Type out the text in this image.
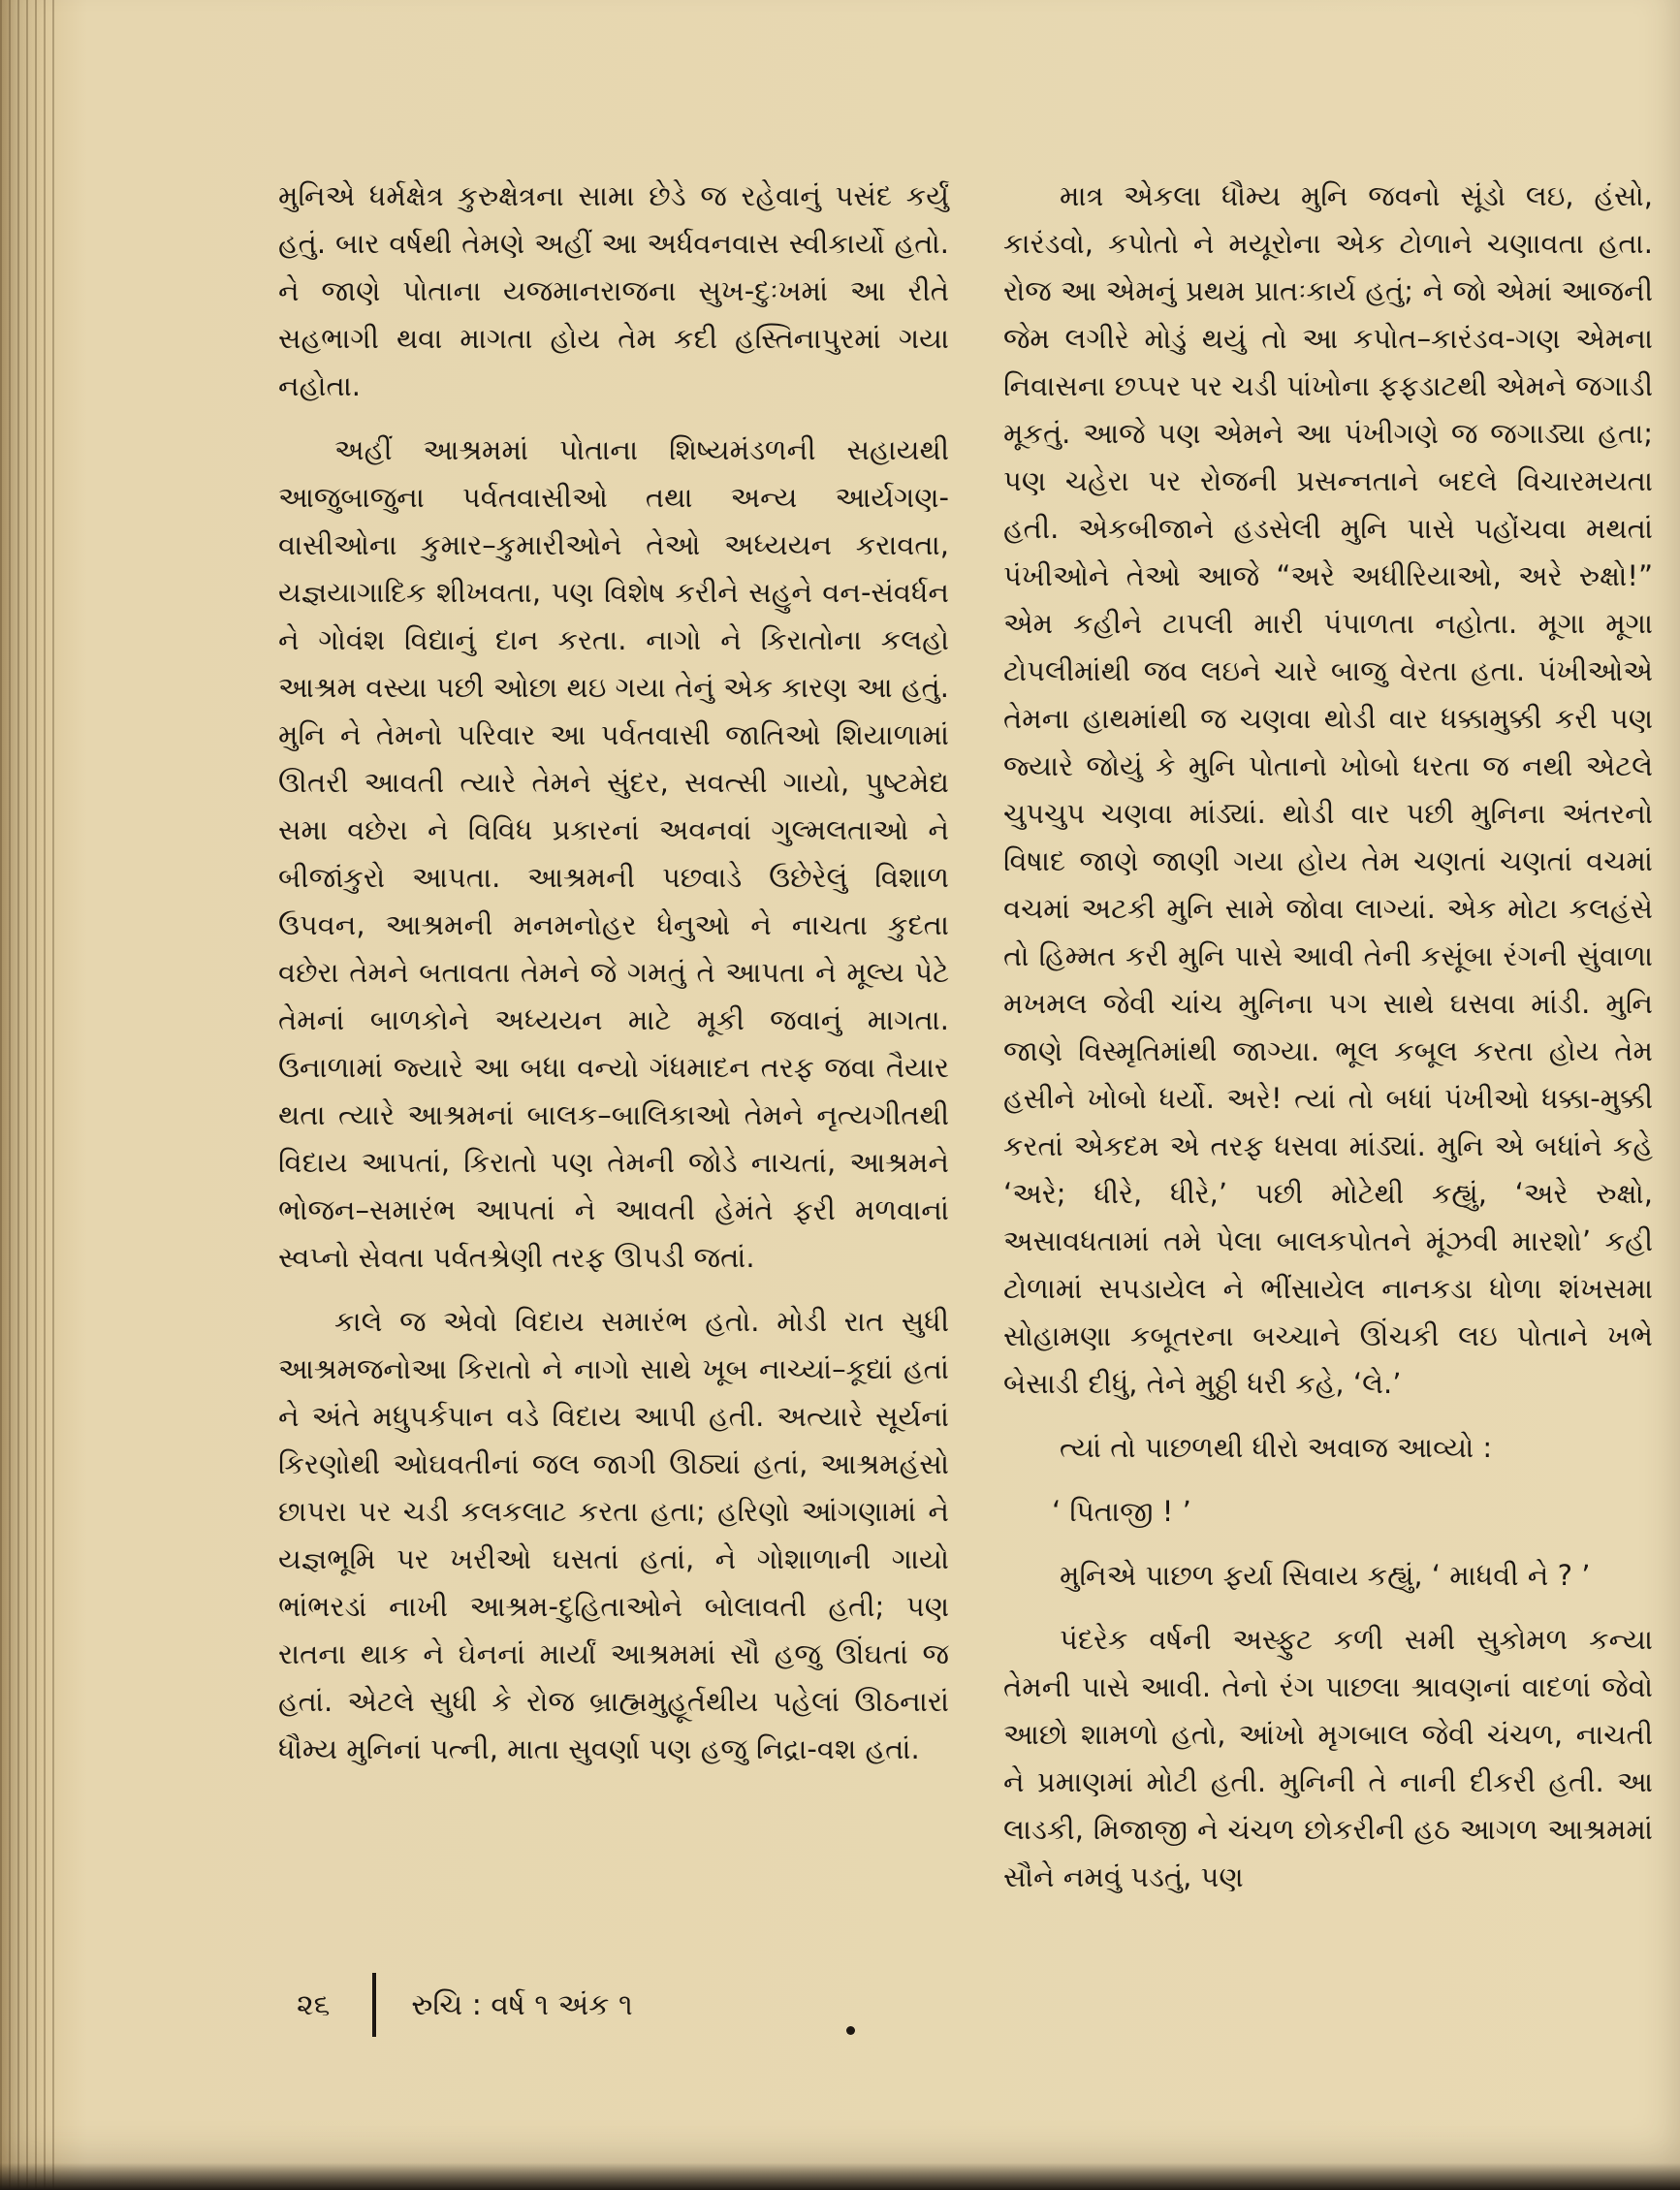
મુનિએ ધર્મક્ષેત્ર કુરુક્ષેત્રના સામા છેડે જ રહેવાનું પસંદ કર્યું હતું. બાર વર્ષથી તેમણે અહીં આ અર્ધવનવાસ સ્વીકાર્યો હતો. ને જાણે પોતાના યજમાનરાજના સુખ-દુઃખમાં આ રીતે સહભાગી થવા માગતા હોય તેમ કદી હસ્તિનાપુરમાં ગયા નહોતા.

અહીં આશ્રમમાં પોતાના શિષ્યમંડળની સહાયથી આજુબાજુના પર્વતવાસીઓ તથા અન્ય આર્યગણ-વાસીઓના કુમાર–કુમારીઓને તેઓ અધ્યયન કરાવતા, યજ્ઞયાગાદિક શીખવતા, પણ વિશેષ કરીને સહુને વન-સંવર્ધન ને ગોવંશ વિદ્યાનું દાન કરતા. નાગો ને કિરાતોના કલહો આશ્રમ વસ્યા પછી ઓછા થઇ ગયા તેનું એક કારણ આ હતું. મુનિ ને તેમનો પરિવાર આ પર્વતવાસી જાતિઓ શિયાળામાં ઊતરી આવતી ત્યારે તેમને સુંદર, સવત્સી ગાયો, પુષ્ટમેદ્ય સમા વછેરા ને વિવિધ પ્રકારનાં અવનવાં ગુલ્મલતાઓ ને બીજાંકુરો આપતા. આશ્રમની પછવાડે ઉછેરેલું વિશાળ ઉપવન, આશ્રમની મનમનોહર ધેનુઓ ને નાચતા કુદતા વછેરા તેમને બતાવતા તેમને જે ગમતું તે આપતા ને મૂલ્ય પેટે તેમનાં બાળકોને અધ્યયન માટે મૂકી જવાનું માગતા. ઉનાળામાં જ્યારે આ બધા વન્યો ગંધમાદન તરફ જવા તૈયાર થતા ત્યારે આશ્રમનાં બાલક–બાલિકાઓ તેમને નૃત્યગીતથી વિદાય આપતાં, કિરાતો પણ તેમની જોડે નાચતાં, આશ્રમને ભોજન–સમારંભ આપતાં ને આવતી હેમંતે ફરી મળવાનાં સ્વપ્નો સેવતા પર્વતશ્રેણી તરફ ઊપડી જતાં.

કાલે જ એવો વિદાય સમારંભ હતો. મોડી રાત સુધી આશ્રમજનોઆ કિરાતો ને નાગો સાથે ખૂબ નાચ્યાં–કૂદ્યાં હતાં ને અંતે મધુપર્કપાન વડે વિદાય આપી હતી. અત્યારે સૂર્યનાં કિરણોથી ઓઘવતીનાં જલ જાગી ઊઠ્યાં હતાં, આશ્રમહંસો છાપરા પર ચડી કલકલાટ કરતા હતા; હરિણો આંગણામાં ને યજ્ઞભૂમિ પર ખરીઓ ઘસતાં હતાં, ને ગોશાળાની ગાયો ભાંભરડાં નાખી આશ્રમ-દુહિતાઓને બોલાવતી હતી; પણ રાતના થાક ને ઘેનનાં માર્યાં આશ્રમમાં સૌ હજુ ઊંઘતાં જ હતાં. એટલે સુધી કે રોજ બ્રાહ્મમુહૂર્તથીય પહેલાં ઊઠનારાં ધૌમ્ય મુનિનાં પત્ની, માતા સુવર્ણા પણ હજુ નિદ્રા-વશ હતાં.

માત્ર એકલા ધૌમ્ય મુનિ જવનો સૂંડો લઇ, હંસો, કારંડવો, કપોતો ને મયૂરોના એક ટોળાને ચણાવતા હતા. રોજ આ એમનું પ્રથમ પ્રાતઃકાર્ય હતું; ને જો એમાં આજની જેમ લગીરે મોડું થયું તો આ કપોત–કારંડવ-ગણ એમના નિવાસના છપ્પર પર ચડી પાંખોના ફફડાટથી એમને જગાડી મૂકતું. આજે પણ એમને આ પંખીગણે જ જગાડ્યા હતા; પણ ચહેરા પર રોજની પ્રસન્નતાને બદલે વિચારમયતા હતી. એકબીજાને હડસેલી મુનિ પાસે પહોંચવા મથતાં પંખીઓને તેઓ આજે “અરે અધીરિયાઓ, અરે રુક્ષો!” એમ કહીને ટાપલી મારી પંપાળતા નહોતા. મૂગા મૂગા ટોપલીમાંથી જવ લઇને ચારે બાજુ વેરતા હતા. પંખીઓએ તેમના હાથમાંથી જ ચણવા થોડી વાર ધક્કામુક્કી કરી પણ જ્યારે જોયું કે મુનિ પોતાનો ખોબો ધરતા જ નથી એટલે ચુપચુપ ચણવા માંડ્યાં. થોડી વાર પછી મુનિના અંતરનો વિષાદ જાણે જાણી ગયા હોય તેમ ચણતાં ચણતાં વચમાં વચમાં અટકી મુનિ સામે જોવા લાગ્યાં. એક મોટા કલહંસે તો હિમ્મત કરી મુનિ પાસે આવી તેની કસૂંબા રંગની સુંવાળા મખમલ જેવી ચાંચ મુનિના પગ સાથે ઘસવા માંડી. મુનિ જાણે વિસ્મૃતિમાંથી જાગ્યા. ભૂલ કબૂલ કરતા હોય તેમ હસીને ખોબો ધર્યો. અરે! ત્યાં તો બધાં પંખીઓ ધક્કા-મુક્કી કરતાં એકદમ એ તરફ ધસવા માંડ્યાં. મુનિ એ બધાંને કહે ‘અરે; ધીરે, ધીરે,’ પછી મોટેથી કહ્યું, ‘અરે રુક્ષો, અસાવધતામાં તમે પેલા બાલકપોતને મૂંઝવી મારશો’ કહી ટોળામાં સપડાયેલ ને ભીંસાયેલ નાનકડા ધોળા શંખસમા સોહામણા કબૂતરના બચ્ચાને ઊંચકી લઇ પોતાને ખભે બેસાડી દીધું, તેને મુઠ્ઠી ધરી કહે, ‘લે.’

ત્યાં તો પાછળથી ધીરો અવાજ આવ્યો :

‘ પિતાજી ! ’

મુનિએ પાછળ ફર્યા સિવાય કહ્યું, ‘ માધવી ને ? ’

પંદરેક વર્ષની અસ્ફુટ કળી સમી સુકોમળ કન્યા તેમની પાસે આવી. તેનો રંગ પાછલા શ્રાવણનાં વાદળાં જેવો આછો શામળો હતો, આંખો મૃગબાલ જેવી ચંચળ, નાચતી ને પ્રમાણમાં મોટી હતી. મુનિની તે નાની દીકરી હતી. આ લાડકી, મિજાજી ને ચંચળ છોકરીની હઠ આગળ આશ્રમમાં સૌને નમવું પડતું, પણ

૨૬	રુચિ : વર્ષ ૧ અંક ૧
